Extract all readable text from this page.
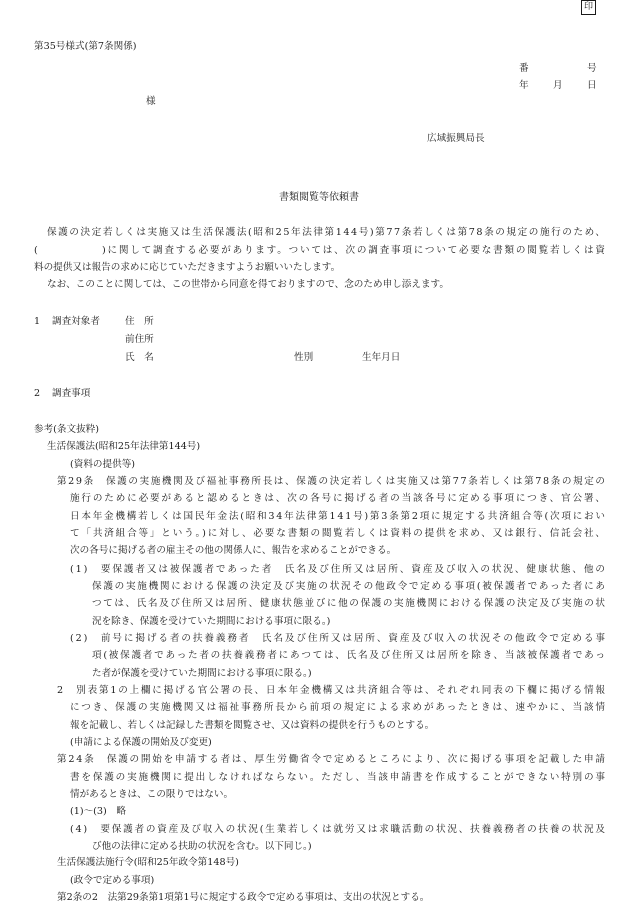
第35号様式(第7条関係)
番	号
年	月	日
様
広域振興局長
印
書類閲覧等依頼書
保護の決定若しくは実施又は生活保護法(昭和25年法律第144号)第77条若しくは第78条の規定の施行のため、
(	)に関して調査する必要があります。ついては、次の調査事項について必要な書類の閲覧若しくは資
料の提供又は報告の求めに応じていただきますようお願いいたします。
なお、このことに関しては、この世帯から同意を得ておりますので、念のため申し添えます。
1 調査対象者	住　所
前住所
氏　名	性別	生年月日
2 調査事項
参考(条文抜粋)
生活保護法(昭和25年法律第144号)
(資料の提供等)
第29条　保護の実施機関及び福祉事務所長は、保護の決定若しくは実施又は第77条若しくは第78条の規定の
施行のために必要があると認めるときは、次の各号に掲げる者の当該各号に定める事項につき、官公署、
日本年金機構若しくは国民年金法(昭和34年法律第141号)第3条第2項に規定する共済組合等(次項におい
て「共済組合等」という。)に対し、必要な書類の閲覧若しくは資料の提供を求め、又は銀行、信託会社、
次の各号に掲げる者の雇主その他の関係人に、報告を求めることができる。
(1)　要保護者又は被保護者であった者　氏名及び住所又は居所、資産及び収入の状況、健康状態、他の
保護の実施機関における保護の決定及び実施の状況その他政令で定める事項(被保護者であった者にあ
つては、氏名及び住所又は居所、健康状態並びに他の保護の実施機関における保護の決定及び実施の状
況を除き、保護を受けていた期間における事項に限る。)
(2)　前号に掲げる者の扶養義務者　氏名及び住所又は居所、資産及び収入の状況その他政令で定める事
項(被保護者であった者の扶養義務者にあつては、氏名及び住所又は居所を除き、当該被保護者であっ
た者が保護を受けていた期間における事項に限る。)
2　別表第1の上欄に掲げる官公署の長、日本年金機構又は共済組合等は、それぞれ同表の下欄に掲げる情報
につき、保護の実施機関又は福祉事務所長から前項の規定による求めがあったときは、速やかに、当該情
報を記載し、若しくは記録した書類を閲覧させ、又は資料の提供を行うものとする。
(申請による保護の開始及び変更)
第24条　保護の開始を申請する者は、厚生労働省令で定めるところにより、次に掲げる事項を記載した申請
書を保護の実施機関に提出しなければならない。ただし、当該申請書を作成することができない特別の事
情があるときは、この限りではない。
(1)～(3)　略
(4)　要保護者の資産及び収入の状況(生業若しくは就労又は求職活動の状況、扶養義務者の扶養の状況及
び他の法律に定める扶助の状況を含む。以下同じ。)
生活保護法施行令(昭和25年政令第148号)
(政令で定める事項)
第2条の2　法第29条第1項第1号に規定する政令で定める事項は、支出の状況とする。
